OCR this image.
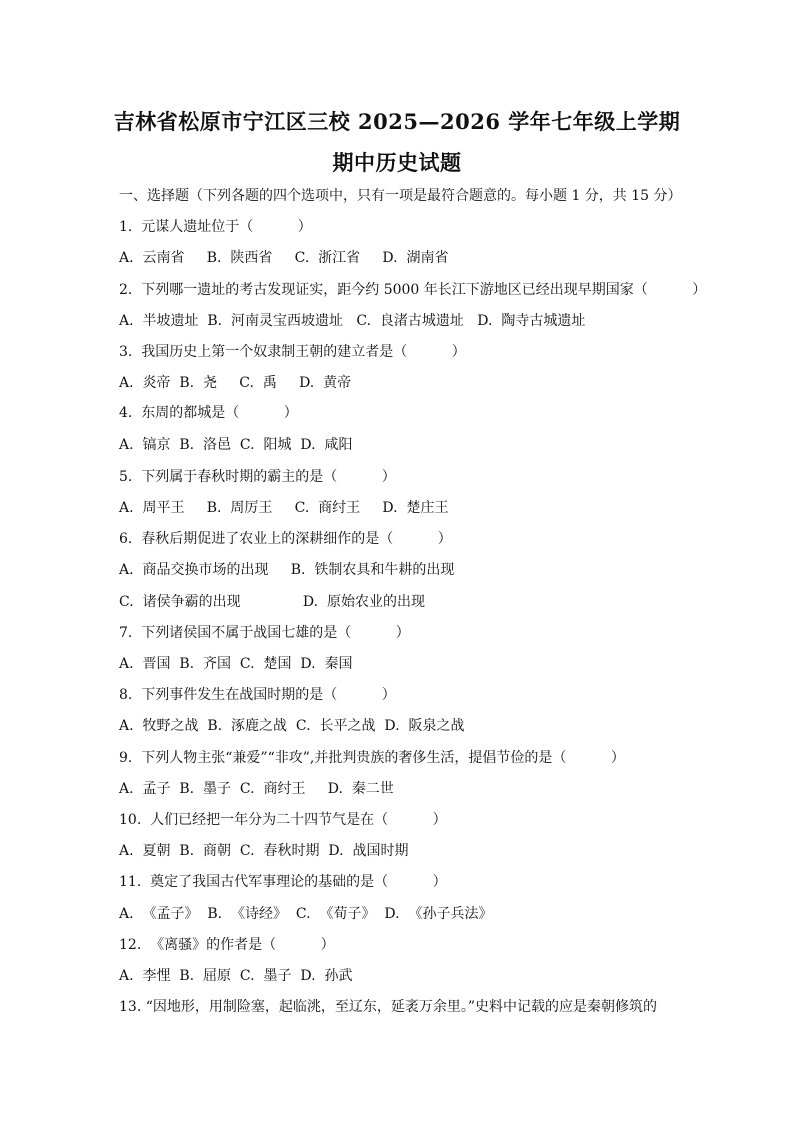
吉林省松原市宁江区三校 2025—2026 学年七年级上学期
期中历史试题
一、选择题（下列各题的四个选项中，只有一项是最符合题意的。每小题 1 分，共 15 分）
1.  元谋人遗址位于（          ）
A.  云南省     B.  陕西省     C.  浙江省     D.  湖南省
2.  下列哪一遗址的考古发现证实，距今约 5000 年长江下游地区已经出现早期国家（          ）
A.  半坡遗址  B.  河南灵宝西坡遗址   C.  良渚古城遗址   D.  陶寺古城遗址
3.  我国历史上第一个奴隶制王朝的建立者是（          ）
A.  炎帝  B.  尧     C.  禹     D.  黄帝
4.  东周的都城是（          ）
A.  镐京  B.  洛邑  C.  阳城  D.  咸阳
5.  下列属于春秋时期的霸主的是（          ）
A.  周平王     B.  周厉王     C.  商纣王     D.  楚庄王
6.  春秋后期促进了农业上的深耕细作的是（          ）
A.  商品交换市场的出现     B.  铁制农具和牛耕的出现
C.  诸侯争霸的出现              D.  原始农业的出现
7.  下列诸侯国不属于战国七雄的是（          ）
A.  晋国  B.  齐国  C.  楚国  D.  秦国
8.  下列事件发生在战国时期的是（          ）
A.  牧野之战  B.  涿鹿之战  C.  长平之战  D.  阪泉之战
9.  下列人物主张“兼爱”“非攻”,并批判贵族的奢侈生活，提倡节俭的是（          ）
A.  孟子  B.  墨子  C.  商纣王     D.  秦二世
10.  人们已经把一年分为二十四节气是在（          ）
A.  夏朝  B.  商朝  C.  春秋时期  D.  战国时期
11.  奠定了我国古代军事理论的基础的是（          ）
A.  《孟子》  B.  《诗经》  C.  《荀子》  D.  《孙子兵法》
12.  《离骚》的作者是（          ）
A.  李悝  B.  屈原  C.  墨子  D.  孙武
13. “因地形，用制险塞，起临洮，至辽东，延袤万余里。”史料中记载的应是秦朝修筑的
